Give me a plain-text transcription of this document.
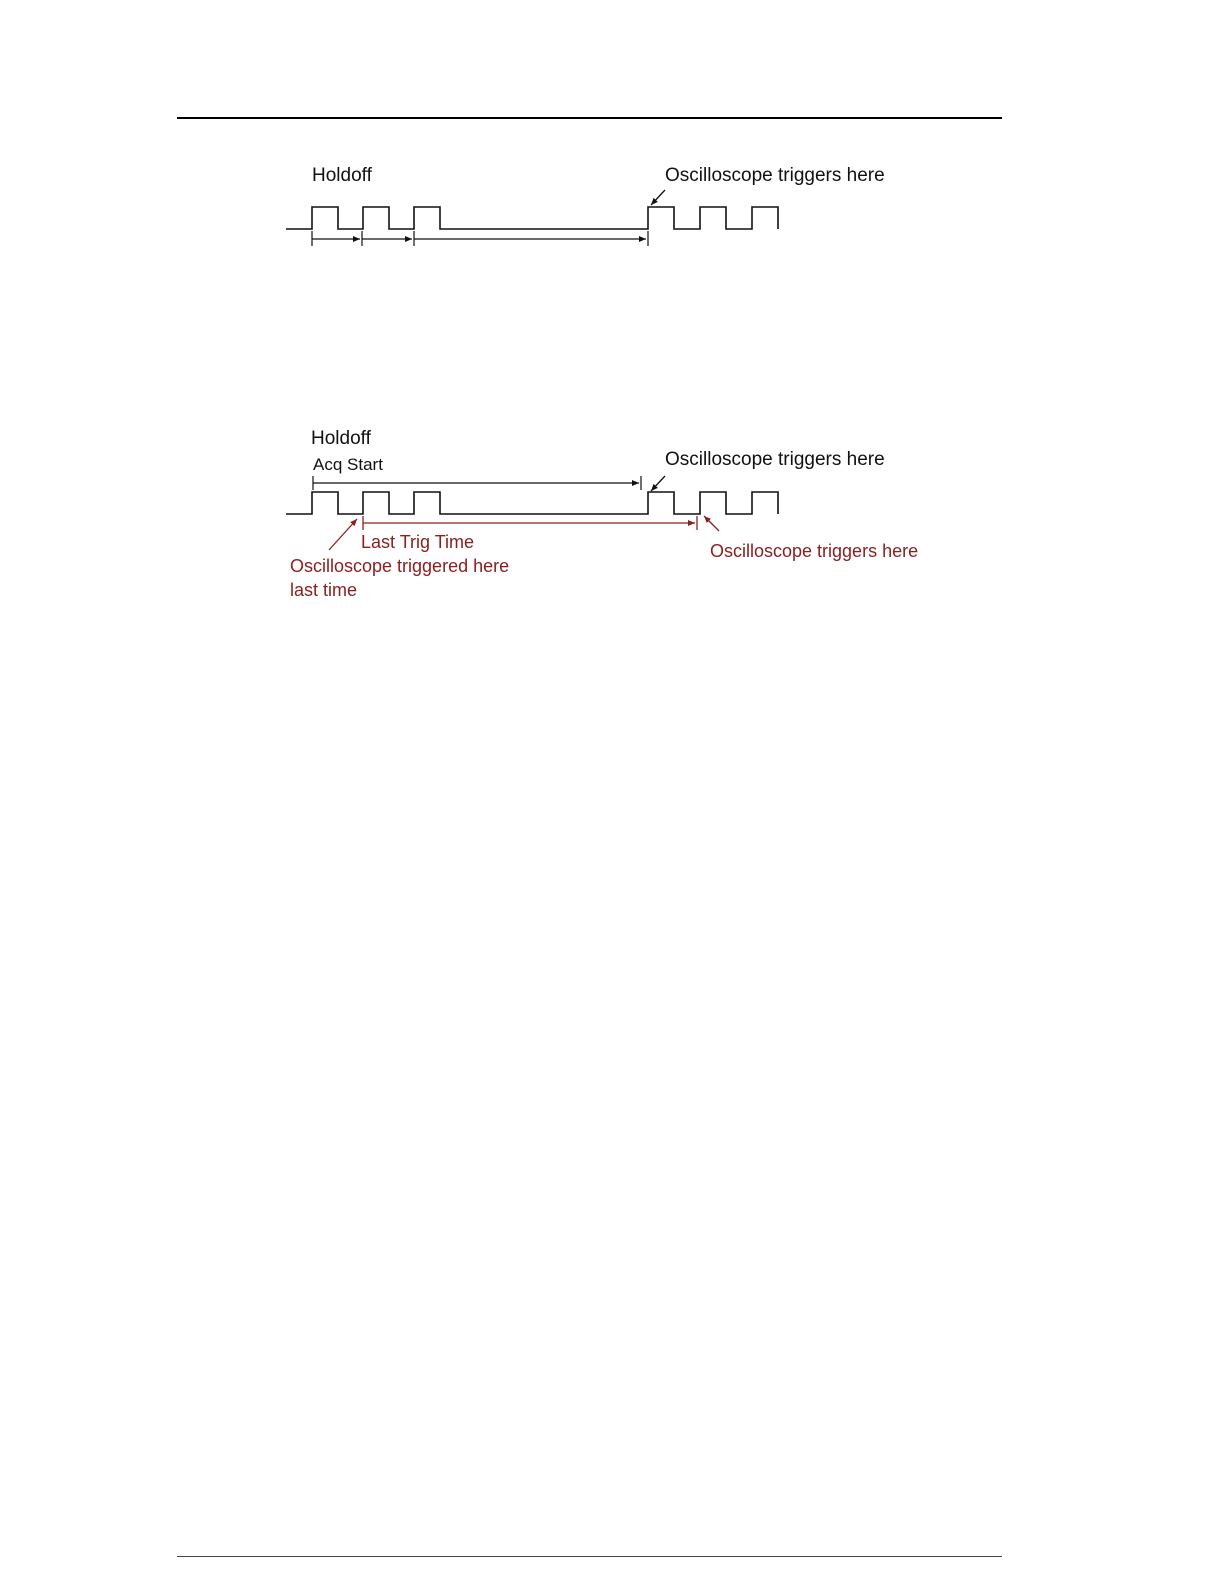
Holdoff	Oscilloscope triggers here
Holdoff
Acq Start	Oscilloscope triggers here
Last Trig Time
Oscilloscope triggered here
last time
Oscilloscope triggers here
